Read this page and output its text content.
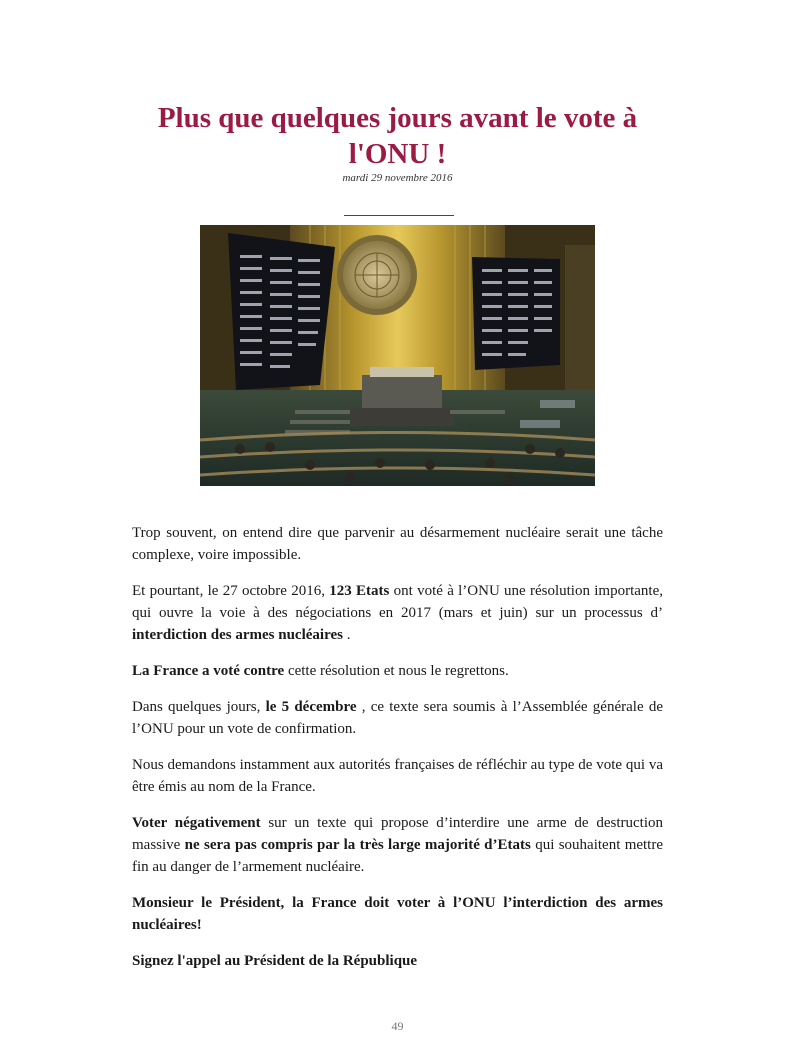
Plus que quelques jours avant le vote à
l'ONU !
mardi 29 novembre 2016

Trop souvent, on entend dire que parvenir au désarmement nucléaire serait une tâche complexe, voire impossible.

Et pourtant, le 27 octobre 2016, 123 Etats ont voté à l’ONU une résolution importante, qui ouvre la voie à des négociations en 2017 (mars et juin) sur un processus d’ interdiction des armes nucléaires .

La France a voté contre cette résolution et nous le regrettons.

Dans quelques jours, le 5 décembre , ce texte sera soumis à l’Assemblée générale de l’ONU pour un vote de confirmation.

Nous demandons instamment aux autorités françaises de réfléchir au type de vote qui va être émis au nom de la France.

Voter négativement sur un texte qui propose d’interdire une arme de destruction massive ne sera pas compris par la très large majorité d’Etats qui souhaitent mettre fin au danger de l’armement nucléaire.

Monsieur le Président, la France doit voter à l’ONU l’interdiction des armes nucléaires!

Signez l'appel au Président de la République

49
